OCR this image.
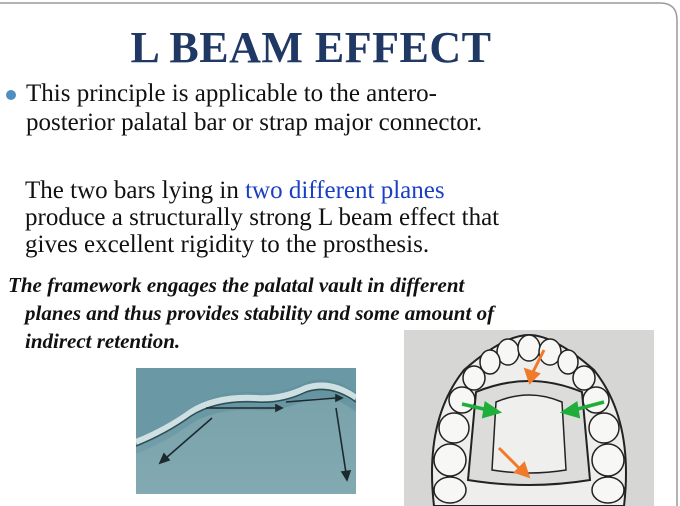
L BEAM EFFECT
This principle is applicable to the antero-
posterior palatal bar or strap major connector.
The two bars lying in two different planes
produce a structurally strong L beam effect that
gives excellent rigidity to the prosthesis.
The framework engages the palatal vault in different
planes and thus provides stability and some amount of
indirect retention.
